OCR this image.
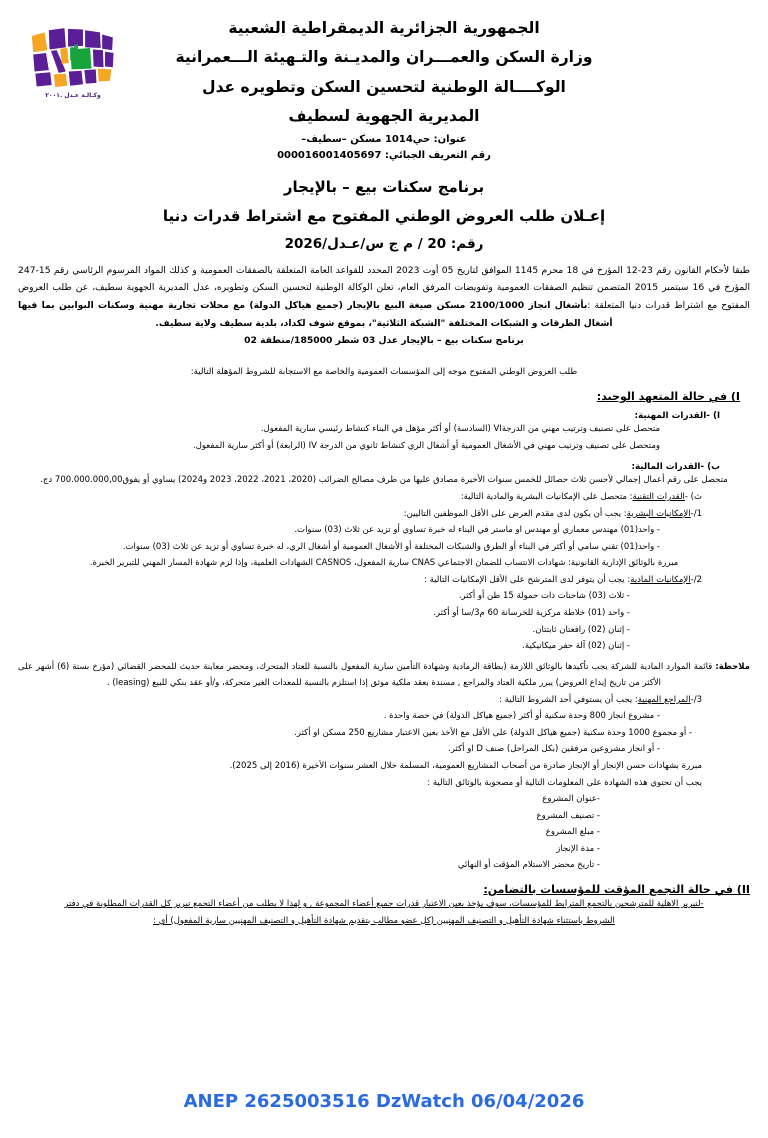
وكـالـة عـدل .٢٠٠١
الجمهورية الجزائرية الديمقراطية الشعبية
وزارة السكن والعمـــران والمديـنة والتـهيئة الـــعمرانية
الوكــــالة الوطنية لتحسين السكن وتطويره عدل
المديرية الجهوية لسطيف
عنوان: حي1014 مسكن –سطيف–
رقم التعريف الجبائي: 000016001405697
برنامج سكنات بيع – بالإيجار
إعـلان طلب العروض الوطني المفتوح مع اشتراط قدرات دنيا
رقم: 20 / م ج س/عـدل/2026

طبقا لأحكام القانون رقم 23-12 المؤرخ في 18 محرم 1145 الموافق لتاريخ 05 أوت 2023 المحدد للقواعد العامة المتعلقة بالصفقات العمومية و كذلك المواد المرسوم الرئاسي رقم 15-247 المؤرخ في 16 سبتمبر 2015 المتضمن تنظيم الصفقات العمومية وتفويضات المرفق العام، تعلن الوكالة الوطنية لتحسين السكن وتطويره، عدل المديرية الجهوية سطيف، عن طلب العروض المفتوح مع اشتراط قدرات دنيا المتعلقة :بأشغال انجاز 2100/1000 مسكن صيغة البيع بالإيجار (جميع هياكل الدولة) مع محلات تجارية مهنية وسكنات البوابين بما فيها أشغال الطرقات و الشبكات المختلفة "الشبكة الثلاثية"، بموقع شوف لكداد، بلدية سطيف ولاية سطيف.

برنامج سكنات بيع – بالإيجار عدل 03 شطر 185000/منطقة 02

طلب العروض الوطني المفتوح موجه إلى المؤسسات العمومية والخاصة مع الاستجابة للشروط المؤهلة التالية:

I) في حالة المتعهد الوحيد:
ا) -القدرات المهنية:

متحصل على تصنيف وترتيب مهني من الدرجةVI (السادسة) أو أكثر مؤهل في البناء كنشاط رئيسي سارية المفعول.

ومتحصل على تصنيف وترتيب مهني في الأشغال العمومية أو أشغال الري كنشاط ثانوي من الدرجة IV (الرابعة) أو أكثر سارية المفعول.

ب) -القدرات المالية:

متحصل على رقم أعمال إجمالي لأحسن ثلاث حصائل للخمس سنوات الأخيرة مصادق عليها من طرف مصالح الضرائب (2020، 2021، 2022، 2023 و2024) يساوي أو يفوق700.000.000,00 دج.

ث) -القدرات التقنية: متحصل على الإمكانيات البشرية والمادية التالية:

1/-الإمكانيات البشرية: يجب أن يكون لدى مقدم العرض على الأقل الموظفين التاليين:

- واحد(01) مهندس معماري أو مهندس او ماستر في البناء له خبرة تساوي أو تزيد عن ثلاث (03) سنوات.

- واحد(01) تقني سامي أو أكثر في البناء أو الطرق والشبكات المختلفة أو الأشغال العمومية أو أشغال الري، له خبرة تساوي أو تزيد عن ثلاث (03) سنوات.

مبررة بالوثائق الإدارية القانونية: شهادات الانتساب للضمان الاجتماعي CNAS سارية المفعول، CASNOS الشهادات العلمية، وإذا لزم شهادة المسار المهني للتبرير الخبرة.

2/-الإمكانيات المادية: يجب أن يتوفر لدى المترشح على الأقل الإمكانيات التالية :

- ثلاث (03) شاحنات ذات حمولة 15 طن أو أكثر.

- واحد (01) خلاطة مركزية للخرسانة 60 م3/سا أو أكثر.

- إثنان (02) رافعتان ثابتتان.

- إثنان (02) آلة حفر ميكانيكية.

ملاحظة: قائمة الموارد المادية للشركة يجب تأكيدها بالوثائق اللازمة (بطاقة الرمادية وشهادة التأمين سارية المفعول بالنسبة للعتاد المتحرك، ومحضر معاينة حديث للمحضر القضائي (مؤرخ بستة (6) أشهر على الأكثر من تاريخ إيداع العروض) يبرر ملكية العتاد والمراجع , مسندة بعقد ملكية موثق إذا استلزم بالنسبة للمعدات الغير متحركة، و/أو عقد بنكي للبيع (leasing) .

3/-المراجع المهنية: يجب أن يستوفي أحد الشروط التالية :

- مشروع انجاز 800 وحدة سكنية أو أكثر (جميع هياكل الدولة) في حصة واحدة .

- أو مجموع 1000 وحدة سكنية (جميع هياكل الدولة) على الأقل مع الأخذ بعين الاعتبار مشاريع 250 مسكن او أكثر.

- أو انجاز مشروعين مرفقين (بكل المراحل) صنف D او أكثر.

مبررة بشهادات حسن الإنجاز أو الإنجاز صادرة من أصحاب المشاريع العمومية، المسلمة خلال العشر سنوات الأخيرة (2016 إلى 2025).

يجب أن تحتوي هذه الشهادة على المعلومات التالية أو مصحوبة بالوثائق التالية :

-عنوان المشروع

- تصنيف المشروع

- مبلغ المشروع

- مدة الإنجاز

- تاريخ محضر الاستلام المؤقت أو النهائي

II) في حالة التجمع المؤقت للمؤسسات بالتضامن:

-لتبرير الاهلية للمترشحين بالتجمع المترابط للمؤسسات، سوف يؤخذ بعين الاعتبار قدرات جميع أعضاء المجموعة , و لهذا لا يطلب من أعضاء التجمع تبرير كل القدرات المطلوبة في دفتر

الشروط باستثناء شهادة التأهيل و التصنيف المهنيين (كل عضو مطالب بتقديم شهادة التأهيل و التصنيف المهنيين سارية المفعول) أي :

ANEP 2625003516 DzWatch 06/04/2026
